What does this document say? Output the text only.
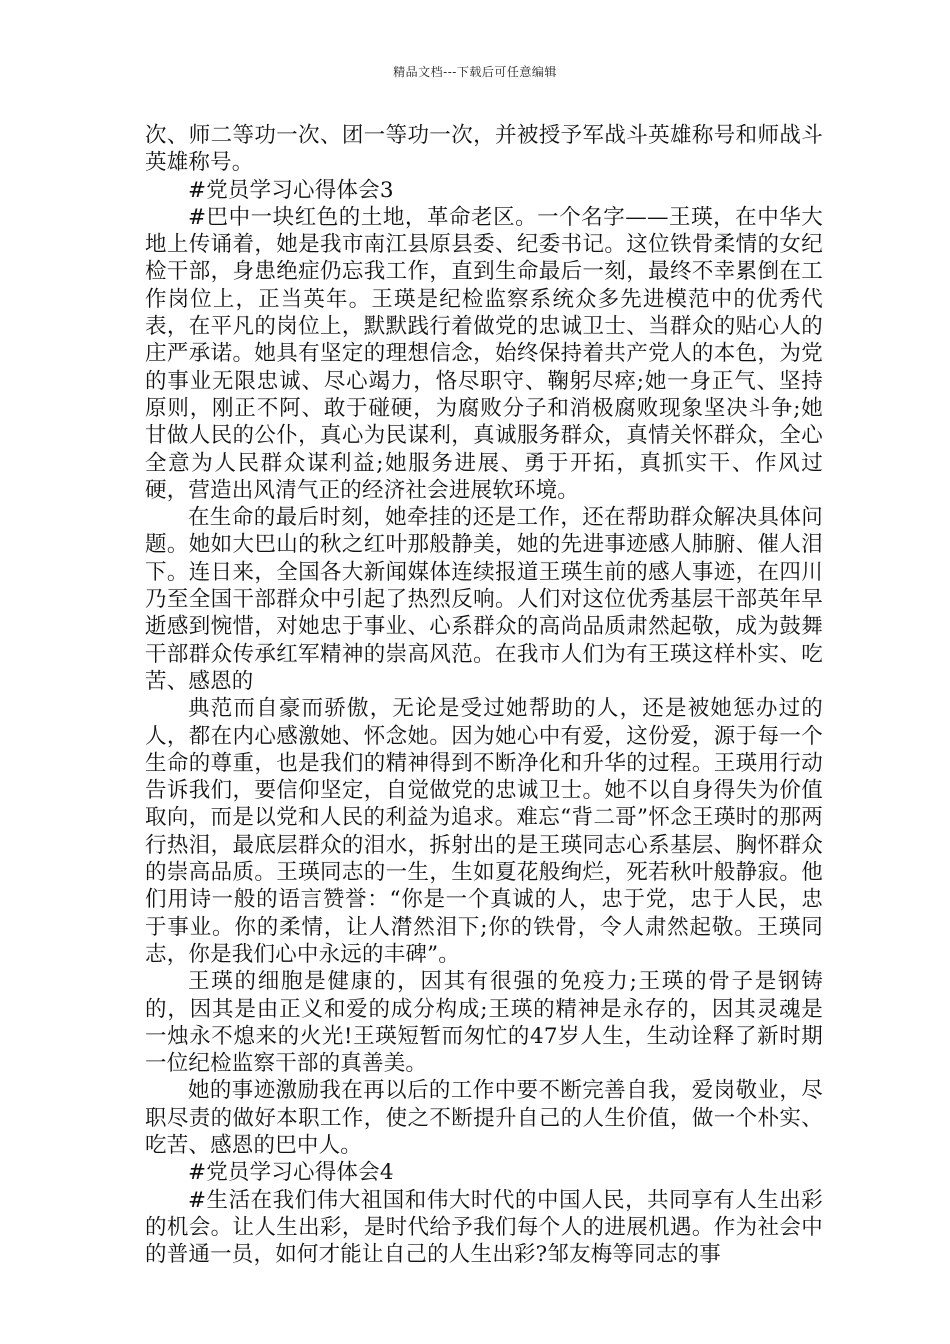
精品文档---下载后可任意编辑

次、师二等功一次、团一等功一次，并被授予军战斗英雄称号和师战斗英雄称号。

#党员学习心得体会3

#巴中一块红色的土地，革命老区。一个名字——王瑛，在中华大地上传诵着，她是我市南江县原县委、纪委书记。这位铁骨柔情的女纪检干部，身患绝症仍忘我工作，直到生命最后一刻，最终不幸累倒在工作岗位上，正当英年。王瑛是纪检监察系统众多先进模范中的优秀代表，在平凡的岗位上，默默践行着做党的忠诚卫士、当群众的贴心人的庄严承诺。她具有坚定的理想信念，始终保持着共产党人的本色，为党的事业无限忠诚、尽心竭力，恪尽职守、鞠躬尽瘁;她一身正气、坚持原则，刚正不阿、敢于碰硬，为腐败分子和消极腐败现象坚决斗争;她甘做人民的公仆，真心为民谋利，真诚服务群众，真情关怀群众，全心全意为人民群众谋利益;她服务进展、勇于开拓，真抓实干、作风过硬，营造出风清气正的经济社会进展软环境。

在生命的最后时刻，她牵挂的还是工作，还在帮助群众解决具体问题。她如大巴山的秋之红叶那般静美，她的先进事迹感人肺腑、催人泪下。连日来，全国各大新闻媒体连续报道王瑛生前的感人事迹，在四川乃至全国干部群众中引起了热烈反响。人们对这位优秀基层干部英年早逝感到惋惜，对她忠于事业、心系群众的高尚品质肃然起敬，成为鼓舞干部群众传承红军精神的崇高风范。在我市人们为有王瑛这样朴实、吃苦、感恩的

典范而自豪而骄傲，无论是受过她帮助的人，还是被她惩办过的人，都在内心感激她、怀念她。因为她心中有爱，这份爱，源于每一个生命的尊重，也是我们的精神得到不断净化和升华的过程。王瑛用行动告诉我们，要信仰坚定，自觉做党的忠诚卫士。她不以自身得失为价值取向，而是以党和人民的利益为追求。难忘“背二哥”怀念王瑛时的那两行热泪，最底层群众的泪水，拆射出的是王瑛同志心系基层、胸怀群众的崇高品质。王瑛同志的一生，生如夏花般绚烂，死若秋叶般静寂。他们用诗一般的语言赞誉：“你是一个真诚的人，忠于党，忠于人民，忠于事业。你的柔情，让人潸然泪下;你的铁骨，令人肃然起敬。王瑛同志，你是我们心中永远的丰碑”。

王瑛的细胞是健康的，因其有很强的免疫力;王瑛的骨子是钢铸的，因其是由正义和爱的成分构成;王瑛的精神是永存的，因其灵魂是一烛永不熄来的火光!王瑛短暂而匆忙的47岁人生，生动诠释了新时期一位纪检监察干部的真善美。

她的事迹激励我在再以后的工作中要不断完善自我，爱岗敬业，尽职尽责的做好本职工作，使之不断提升自己的人生价值，做一个朴实、吃苦、感恩的巴中人。

#党员学习心得体会4

#生活在我们伟大祖国和伟大时代的中国人民，共同享有人生出彩的机会。让人生出彩，是时代给予我们每个人的进展机遇。作为社会中的普通一员，如何才能让自己的人生出彩?邹友梅等同志的事
